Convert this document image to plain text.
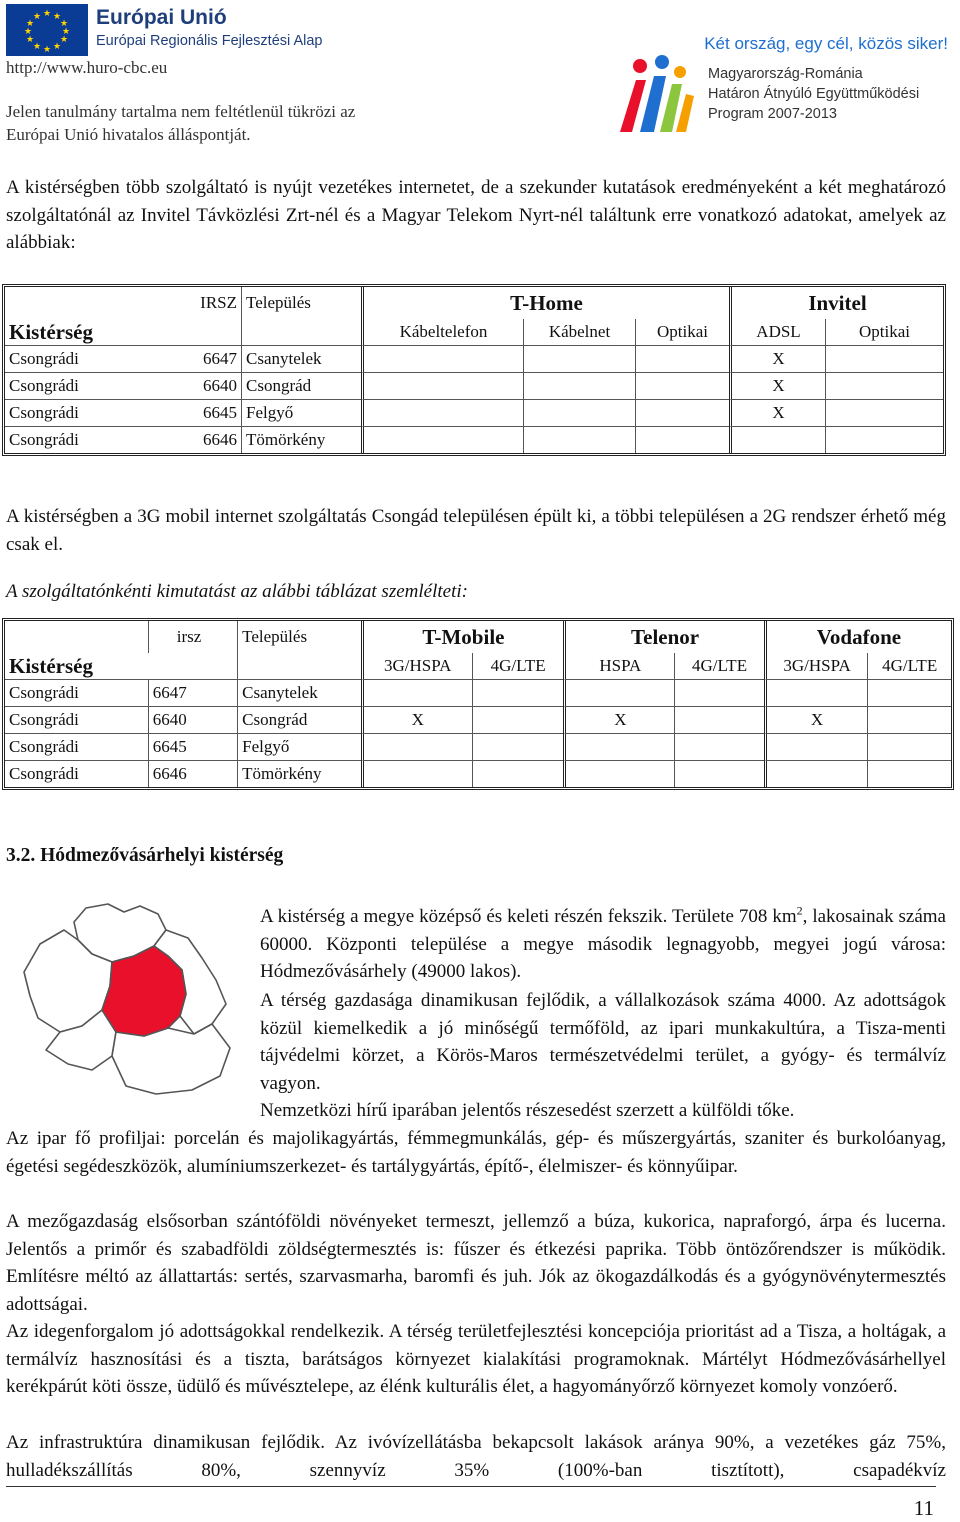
★ ★
★
★
★
★
★
★
★
★
★
★	Európai Unió
Európai Regionális Fejlesztési Alap
http://www.huro-cbc.eu
Jelen tanulmány tartalma nem feltétlenül tükrözi az
Európai Unió hivatalos álláspontját.
Két ország, egy cél, közös siker!
Magyarország-Románia
Határon Átnyúló Együttműködési
Program 2007-2013

A kistérségben több szolgáltató is nyújt vezetékes internetet, de a szekunder kutatások eredményeként a két meghatározó szolgáltatónál az Invitel Távközlési Zrt-nél és a Magyar Telekom Nyrt-nél találtunk erre vonatkozó adatokat, amelyek az alábbiak:

	IRSZ	Település	T-Home			Invitel	
Kistérség			Kábeltelefon	Kábelnet	Optikai	ADSL	Optikai
Csongrádi	6647	Csanytelek				X	
Csongrádi	6640	Csongrád				X	
Csongrádi	6645	Felgyő				X	
Csongrádi	6646	Tömörkény					

A kistérségben a 3G mobil internet szolgáltatás Csongád településen épült ki, a többi településen a 2G rendszer érhető még csak el.

A szolgáltatónkénti kimutatást az alábbi táblázat szemlélteti:

	irsz	Település	T-Mobile		Telenor		Vodafone	
Kistérség			3G/HSPA	4G/LTE	HSPA	4G/LTE	3G/HSPA	4G/LTE
Csongrádi	6647	Csanytelek						
Csongrádi	6640	Csongrád	X		X		X	
Csongrádi	6645	Felgyő						
Csongrádi	6646	Tömörkény						
3.2. Hódmezővásárhelyi kistérség

A kistérség a megye középső és keleti részén fekszik. Területe 708 $km^2$, lakosainak száma 60000. Központi települése a megye második legnagyobb, megyei jogú városa: Hódmezővásárhely (49000 lakos).

A térség gazdasága dinamikusan fejlődik, a vállalkozások száma 4000. Az adottságok közül kiemelkedik a jó minőségű termőföld, az ipari munkakultúra, a Tisza-menti tájvédelmi körzet, a Körös-Maros természetvédelmi terület, a gyógy- és termálvíz vagyon.

Nemzetközi hírű iparában jelentős részesedést szerzett a külföldi tőke.

Az ipar fő profiljai: porcelán és majolikagyártás, fémmegmunkálás, gép- és műszergyártás, szaniter és burkolóanyag, égetési segédeszközök, alumíniumszerkezet- és tartálygyártás, építő-, élelmiszer- és könnyűipar.

A mezőgazdaság elsősorban szántóföldi növényeket termeszt, jellemző a búza, kukorica, napraforgó, árpa és lucerna. Jelentős a primőr és szabadföldi zöldségtermesztés is: fűszer és étkezési paprika. Több öntözőrendszer is működik. Említésre méltó az állattartás: sertés, szarvasmarha, baromfi és juh. Jók az ökogazdálkodás és a gyógynövénytermesztés adottságai.

Az idegenforgalom jó adottságokkal rendelkezik. A térség területfejlesztési koncepciója prioritást ad a Tisza, a holtágak, a termálvíz hasznosítási és a tiszta, barátságos környezet kialakítási programoknak. Mártélyt Hódmezővásárhellyel kerékpárút köti össze, üdülő és művésztelepe, az élénk kulturális élet, a hagyományőrző környezet komoly vonzóerő.

Az infrastruktúra dinamikusan fejlődik. Az ivóvízellátásba bekapcsolt lakások aránya 90%, a vezetékes gáz 75%, hulladékszállítás 80%, szennyvíz 35% (100%-ban tisztított), csapadékvíz

11
